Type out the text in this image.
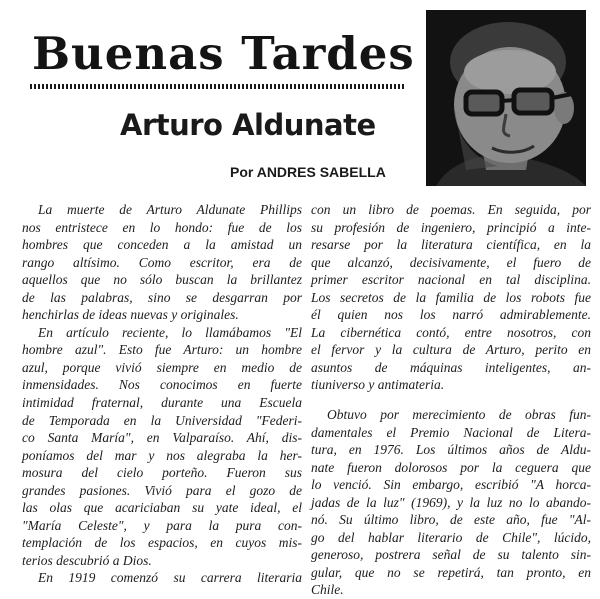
Buenas Tardes
Arturo Aldunate
Por ANDRES SABELLA
La muerte de Arturo Aldunate Phillips
nos entristece en lo hondo: fue de los
hombres que conceden a la amistad un
rango altísimo. Como escritor, era de
aquellos que no sólo buscan la brillantez
de las palabras, sino se desgarran por
henchirlas de ideas nuevas y originales.
En artículo reciente, lo llamábamos "El
hombre azul". Esto fue Arturo: un hombre
azul, porque vivió siempre en medio de
inmensidades. Nos conocimos en fuerte
intimidad fraternal, durante una Escuela
de Temporada en la Universidad "Federi-
co Santa María", en Valparaíso. Ahí, dis-
poníamos del mar y nos alegraba la her-
mosura del cielo porteño. Fueron sus
grandes pasiones. Vivió para el gozo de
las olas que acariciaban su yate ideal, el
"María Celeste", y para la pura con-
templación de los espacios, en cuyos mis-
terios descubrió a Dios.
En 1919 comenzó su carrera literaria
con un libro de poemas. En seguida, por
su profesión de ingeniero, principió a inte-
resarse por la literatura científica, en la
que alcanzó, decisivamente, el fuero de
primer escritor nacional en tal disciplina.
Los secretos de la familia de los robots fue
él quien nos los narró admirablemente.
La cibernética contó, entre nosotros, con
el fervor y la cultura de Arturo, perito en
asuntos de máquinas inteligentes, an-
tiuniverso y antimateria.
Obtuvo por merecimiento de obras fun-
damentales el Premio Nacional de Litera-
tura, en 1976. Los últimos años de Aldu-
nate fueron dolorosos por la ceguera que
lo venció. Sin embargo, escribió "A horca-
jadas de la luz" (1969), y la luz no lo abando-
nó. Su último libro, de este año, fue "Al-
go del hablar literario de Chile", lúcido,
generoso, postrera señal de su talento sin-
gular, que no se repetirá, tan pronto, en
Chile.
